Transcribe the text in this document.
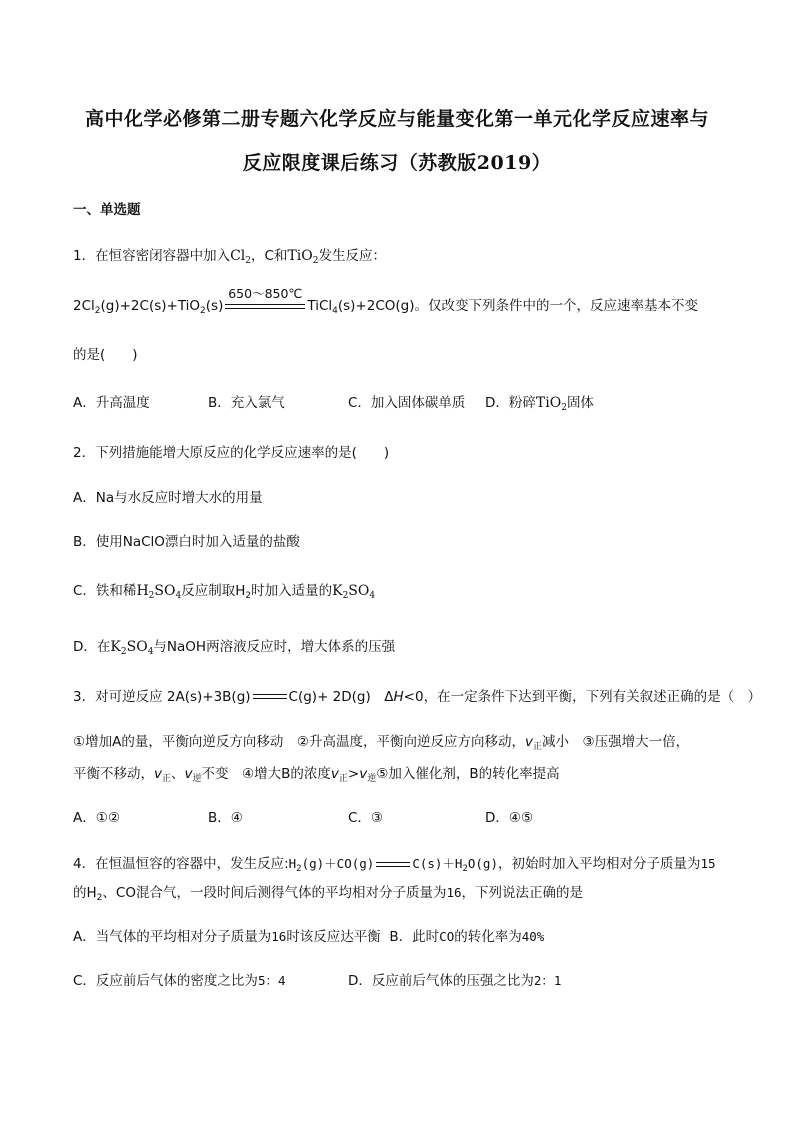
高中化学必修第二册专题六化学反应与能量变化第一单元化学反应速率与
反应限度课后练习（苏教版2019）
一、单选题
1．在恒容密闭容器中加入$Cl_2$，C和TiO$_2$发生反应：
$2Cl_2(g)+2C(s)+TiO_2(s)$
650～850℃
TiCl$_4$(s)+2CO(g)。仅改变下列条件中的一个，反应速率基本不变
的是(　　)
A．升高温度	B．充入氯气	C．加入固体碳单质 D．粉碎TiO$_2$固体
2．下列措施能增大原反应的化学反应速率的是(　　)
A．Na与水反应时增大水的用量
B．使用NaClO漂白时加入适量的盐酸
C．铁和稀$H_2SO_4$反应制取$H_2$时加入适量的$K_2SO_4$
D．在$K_2SO_4$与NaOH两溶液反应时，增大体系的压强
3．对可逆反应 2A(s)+3B(g)	C(g)+ 2D(g)　ΔH<0，在一定条件下达到平衡，下列有关叙述正确的是（　）
①增加A的量，平衡向逆反方向移动　②升高温度，平衡向逆反应方向移动，$v_正$减小　③压强增大一倍，
平衡不移动，$v_正$、$v_逆$不变　④增大B的浓度$v_正>v_逆⑤$加入催化剂，B的转化率提高
A．①②	B．④	C．③	D．④⑤
4．在恒温恒容的容器中，发生反应$:H_2(g)+CO(g)$	$C(s)+H_2O(g)$，初始时加入平均相对分子质量为15
的$H_2$、CO混合气，一段时间后测得气体的平均相对分子质量为16，下列说法正确的是
A．当气体的平均相对分子质量为16时该反应达平衡 B．此时CO的转化率为40%
C．反应前后气体的密度之比为5：4	D．反应前后气体的压强之比为2：1
